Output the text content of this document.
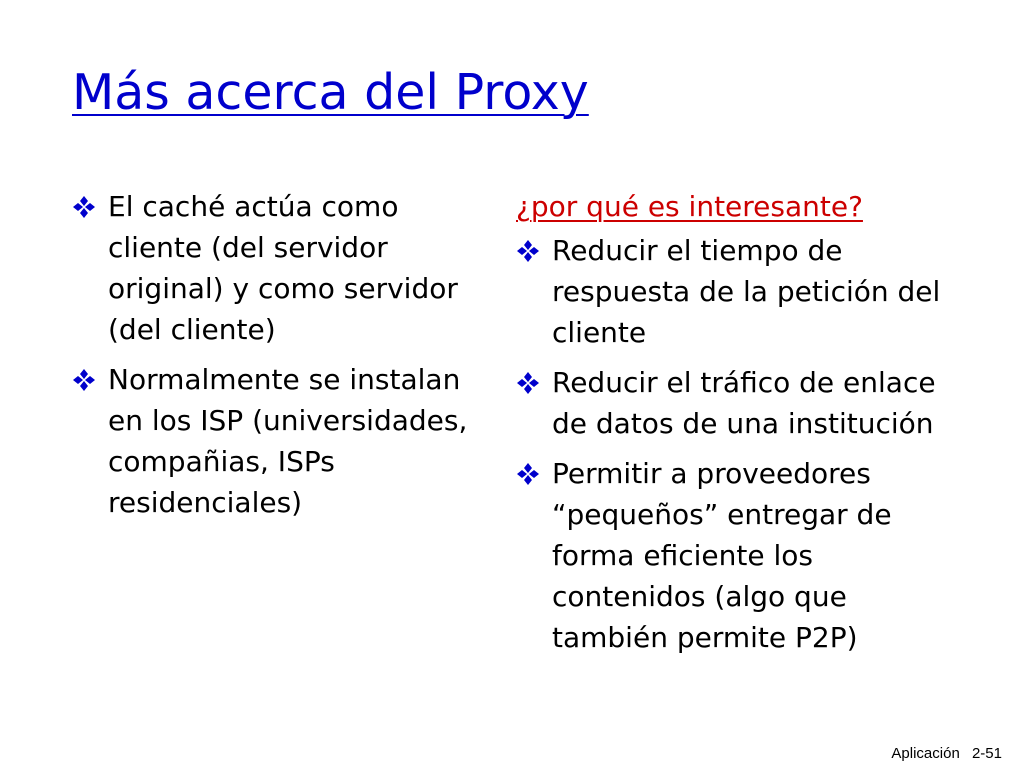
Más acerca del Proxy
El caché actúa como cliente (del servidor original) y como servidor (del cliente)
Normalmente se instalan en los ISP (universidades, compañias, ISPs residenciales)

¿por qué es interesante?

Reducir el tiempo de respuesta de la petición del cliente
Reducir el tráfico de enlace de datos de una institución
Permitir a proveedores “pequeños” entregar de forma eficiente los contenidos (algo que también permite P2P)
Aplicación 2-51
